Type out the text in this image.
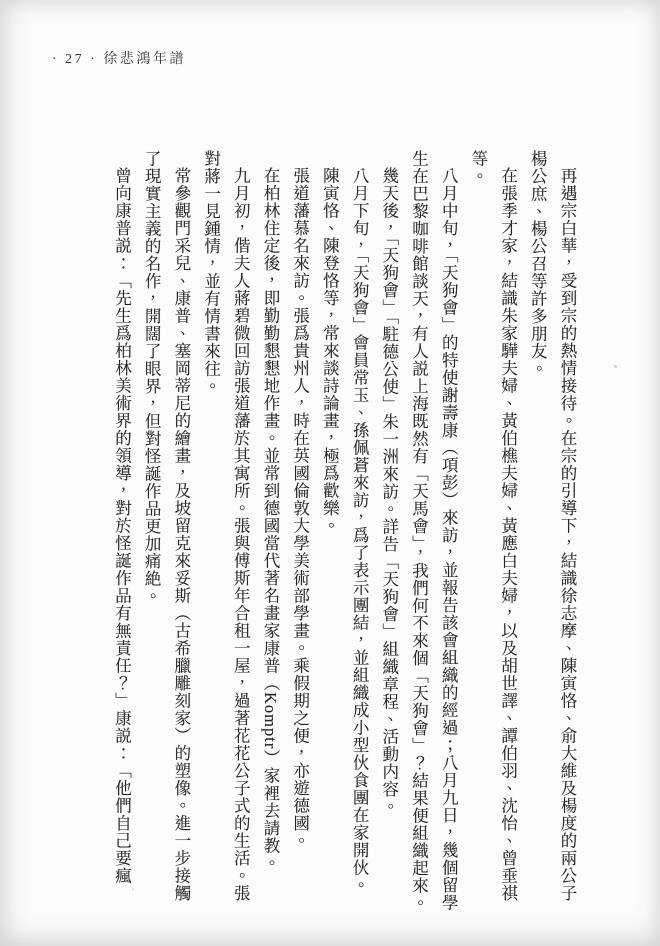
· 27 · 徐悲鴻年譜

再遇宗白華，受到宗的熱情接待。在宗的引導下，結識徐志摩、陳寅恪、俞大維及楊度的兩公子楊公庶、楊公召等許多朋友。

在張季才家，結識朱家驊夫婦、黃伯樵夫婦、黃應白夫婦，以及胡世譯、譚伯羽、沈怡、曾垂祺等。

八月中旬，「天狗會」的特使謝壽康（項彭）來訪，並報告該會組織的經過；八月九日，幾個留學生在巴黎咖啡館談天，有人説上海既然有「天馬會」，我們何不來個「天狗會」？結果便組織起來。

幾天後，「天狗會」「駐德公使」朱一洲來訪。詳告「天狗會」組織章程、活動内容。

八月下旬，「天狗會」會員常玉、孫佩蒼來訪，爲了表示團結，並組織成小型伙食團在家開伙。

陳寅恪、陳登恪等，常來談詩論畫，極爲歡樂。

張道藩慕名來訪。張爲貴州人，時在英國倫敦大學美術部學畫。乘假期之便，亦遊德國。

在柏林住定後，即勤勤懇懇地作畫。並常到德國當代著名畫家康普（Komptr）家裡去請教。

九月初，偕夫人蔣碧微回訪張道藩於其寓所。張與傅斯年合租一屋，過著花花公子式的生活。張對蔣一見鍾情，並有情書來往。

常參觀門采兒、康普、塞岡蒂尼的繪畫，及坡留克來妥斯（古希臘雕刻家）的塑像。進一步接觸了現實主義的名作，開闊了眼界，但對怪誕作品更加痛絶。

曾向康普説：「先生爲柏林美術界的領導，對於怪誕作品有無責任？」康説：「他們自己要瘋
